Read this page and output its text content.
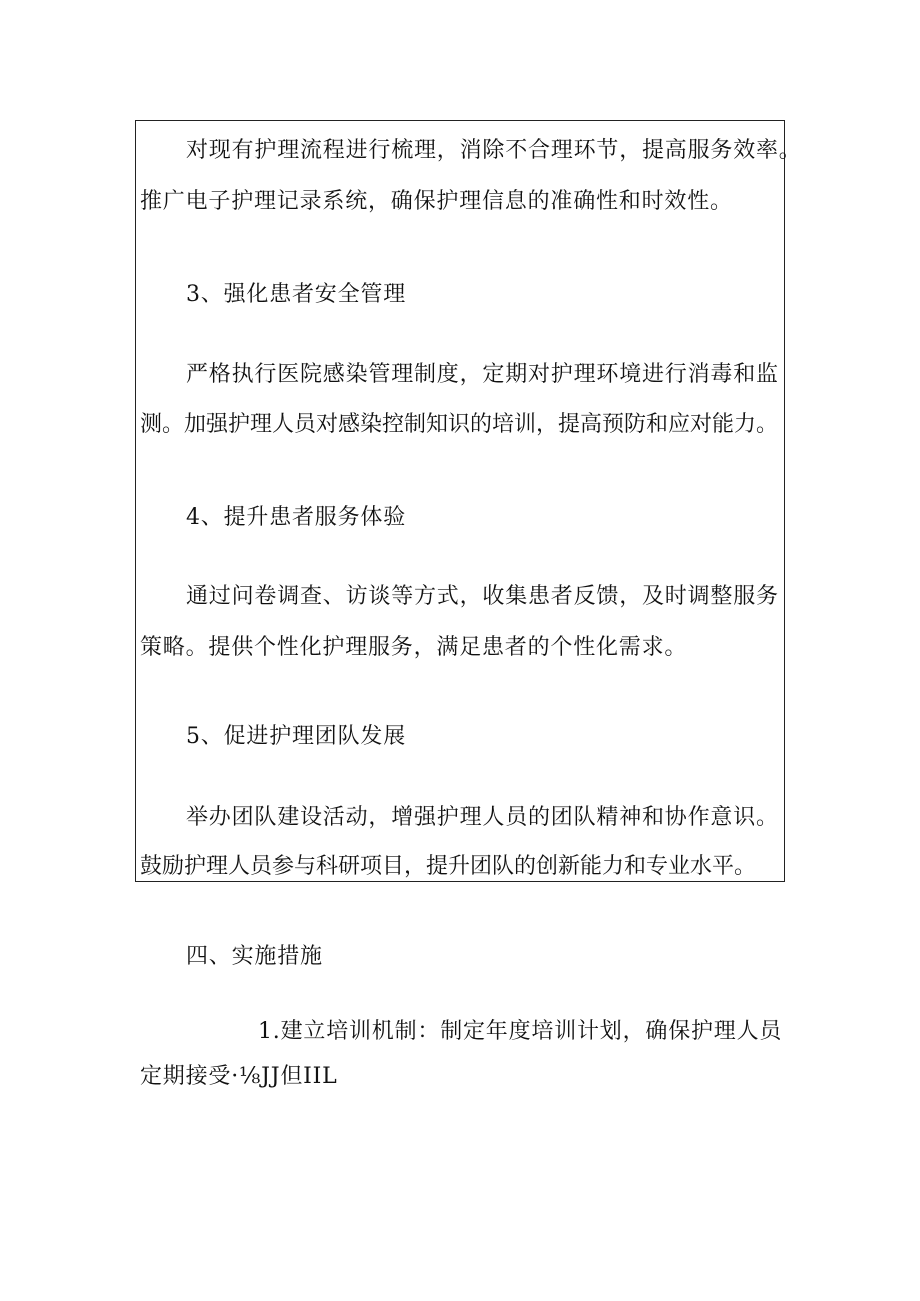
对现有护理流程进行梳理，消除不合理环节，提高服务效率。
推广电子护理记录系统，确保护理信息的准确性和时效性。
3、强化患者安全管理
严格执行医院感染管理制度，定期对护理环境进行消毒和监
测。加强护理人员对感染控制知识的培训，提高预防和应对能力。
4、提升患者服务体验
通过问卷调查、访谈等方式，收集患者反馈，及时调整服务
策略。提供个性化护理服务，满足患者的个性化需求。
5、促进护理团队发展
举办团队建设活动，增强护理人员的团队精神和协作意识。
鼓励护理人员参与科研项目，提升团队的创新能力和专业水平。
四、实施措施
1.建立培训机制：制定年度培训计划，确保护理人员
定期接受·⅛JJ但IIL
